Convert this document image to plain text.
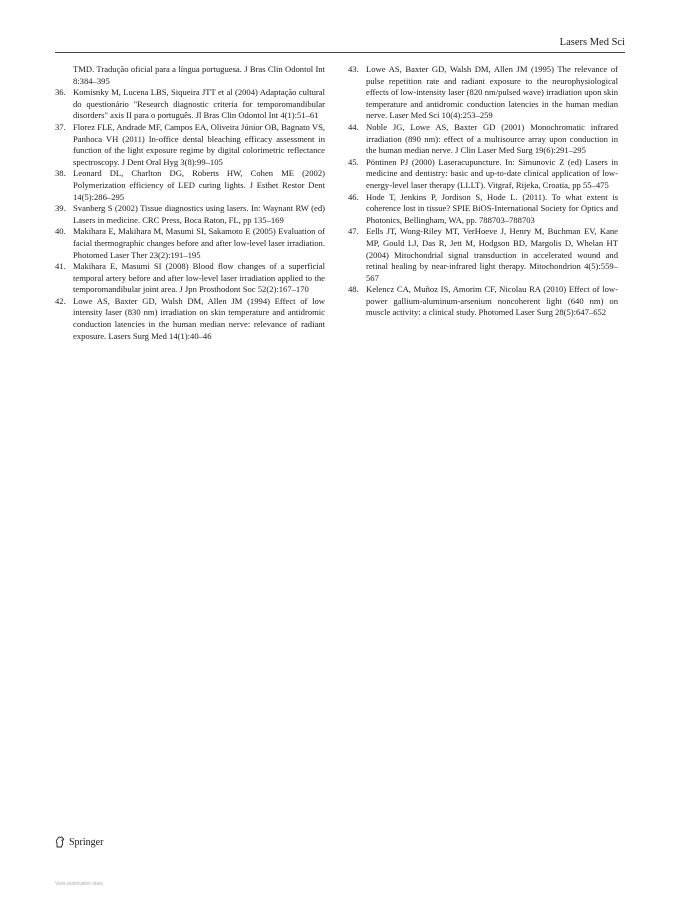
Lasers Med Sci

TMD. Tradução oficial para a língua portuguesa. J Bras Clin Odontol Int 8:384–395

36. Komisnky M, Lucena LBS, Siqueira JTT et al (2004) Adaptação cultural do questionário "Research diagnostic criteria for temporomandibular disorders" axis II para o português. Jl Bras Clin Odontol Int 4(1):51–61

37. Florez FLE, Andrade MF, Campos EA, Oliveira Júnior OB, Bagnato VS, Panhoca VH (2011) In-office dental bleaching efficacy assessment in function of the light exposure regime by digital colorimetric reflectance spectroscopy. J Dent Oral Hyg 3(8):99–105

38. Leonard DL, Charlton DG, Roberts HW, Cohen ME (2002) Polymerization efficiency of LED curing lights. J Esthet Restor Dent 14(5):286–295

39. Svanberg S (2002) Tissue diagnostics using lasers. In: Waynant RW (ed) Lasers in medicine. CRC Press, Boca Raton, FL, pp 135–169

40. Makihara E, Makihara M, Masumi SI, Sakamoto E (2005) Evaluation of facial thermographic changes before and after low-level laser irradiation. Photomed Laser Ther 23(2):191–195

41. Makihara E, Masumi SI (2008) Blood flow changes of a superficial temporal artery before and after low-level laser irradiation applied to the temporomandibular joint area. J Jpn Prosthodont Soc 52(2):167–170

42. Lowe AS, Baxter GD, Walsh DM, Allen JM (1994) Effect of low intensity laser (830 nm) irradiation on skin temperature and antidromic conduction latencies in the human median nerve: relevance of radiant exposure. Lasers Surg Med 14(1):40–46

43. Lowe AS, Baxter GD, Walsh DM, Allen JM (1995) The relevance of pulse repetition rate and radiant exposure to the neurophysiological effects of low-intensity laser (820 nm/pulsed wave) irradiation upon skin temperature and antidromic conduction latencies in the human median nerve. Laser Med Sci 10(4):253–259

44. Noble JG, Lowe AS, Baxter GD (2001) Monochromatic infrared irradiation (890 nm): effect of a multisource array upon conduction in the human median nerve. J Clin Laser Med Surg 19(6):291–295

45. Pöntinen PJ (2000) Laseracupuncture. In: Simunovic Z (ed) Lasers in medicine and dentistry: basic and up-to-date clinical application of low-energy-level laser therapy (LLLT). Vitgraf, Rijeka, Croatia, pp 55–475

46. Hode T, Jenkins P, Jordison S, Hode L. (2011). To what extent is coherence lost in tissue? SPIE BiOS-International Society for Optics and Photonics, Bellingham, WA, pp. 788703–788703

47. Eells JT, Wong-Riley MT, VerHoeve J, Henry M, Buchman EV, Kane MP, Gould LJ, Das R, Jett M, Hodgson BD, Margolis D, Whelan HT (2004) Mitochondrial signal transduction in accelerated wound and retinal healing by near-infrared light therapy. Mitochondrion 4(5):559–567

48. Kelencz CA, Muñoz IS, Amorim CF, Nicolau RA (2010) Effect of low-power gallium-aluminum-arsenium noncoherent light (640 nm) on muscle activity: a clinical study. Photomed Laser Surg 28(5):647–652

Springer
View publication stats
